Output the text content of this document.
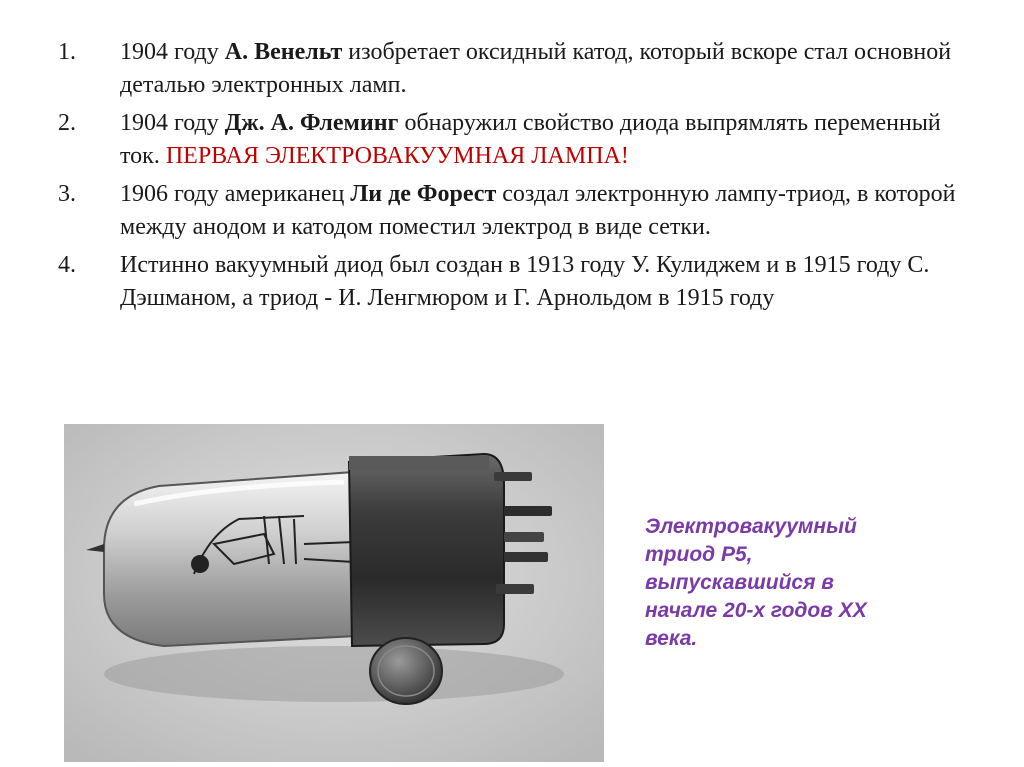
1. 1904 году А. Венельт изобретает оксидный катод, который вскоре стал основной деталью электронных ламп.
2. 1904 году Дж. А. Флеминг обнаружил свойство диода выпрямлять переменный ток. ПЕРВАЯ ЭЛЕКТРОВАКУУМНАЯ ЛАМПА!
3. 1906 году американец Ли де Форест создал электронную лампу-триод, в которой между анодом и катодом поместил электрод в виде сетки.
4. Истинно вакуумный диод был создан в 1913 году У. Кулиджем и в 1915 году С. Дэшманом, а триод - И. Ленгмюром и Г. Арнольдом в 1915 году

Электровакуумный
триод Р5,
выпускавшийся в
начале 20-х годов XX
века.
